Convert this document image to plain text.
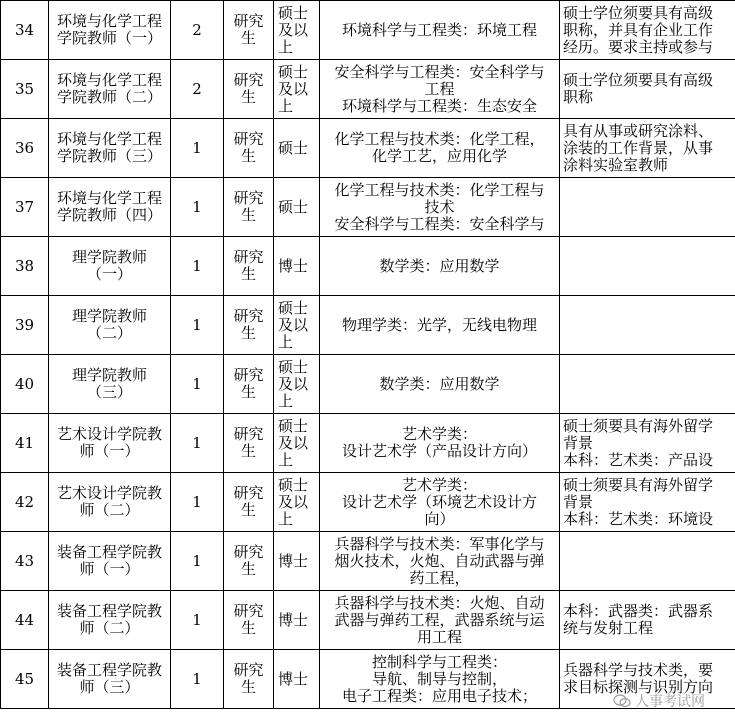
34	环境与化学工程
学院教师（一）	2	研究
生	硕士
及以
上	环境科学与工程类：环境工程	硕士学位须要具有高级
职称，并具有企业工作
经历。要求主持或参与

35	环境与化学工程
学院教师（二）	2	研究
生	硕士
及以
上	安全科学与工程类：安全科学与
工程
环境科学与工程类：生态安全	硕士学位须要具有高级
职称

36	环境与化学工程
学院教师（三）	1	研究
生	硕士	化学工程与技术类：化学工程，
化学工艺，应用化学	具有从事或研究涂料、
涂装的工作背景，从事
涂料实验室教师

37	环境与化学工程
学院教师（四）	1	研究
生	硕士	化学工程与技术类：化学工程与
技术
安全科学与工程类：安全科学与	

38	理学院教师
（一）	1	研究
生	博士	数学类：应用数学	

39	理学院教师
（二）	1	研究
生	硕士
及以
上	物理学类：光学，无线电物理	

40	理学院教师
（三）	1	研究
生	硕士
及以
上	数学类：应用数学	

41	艺术设计学院教
师（一）	1	研究
生	硕士
及以
上	艺术学类：
设计艺术学（产品设计方向）	硕士须要具有海外留学
背景
本科：艺术类：产品设

42	艺术设计学院教
师（二）	1	研究
生	硕士
及以
上	艺术学类：
设计艺术学（环境艺术设计方
向）	硕士须要具有海外留学
背景
本科：艺术类：环境设

43	装备工程学院教
师（一）	1	研究
生	博士	兵器科学与技术类：军事化学与
烟火技术，火炮、自动武器与弹
药工程，	

44	装备工程学院教
师（二）	1	研究
生	博士	兵器科学与技术类：火炮、自动
武器与弹药工程，武器系统与运
用工程	本科：武器类：武器系
统与发射工程

45	装备工程学院教
师（三）	1	研究
生	博士	控制科学与工程类：
导航、制导与控制，
电子工程类：应用电子技术；	兵器科学与技术类，要
求目标探测与识别方向
人事考试网
